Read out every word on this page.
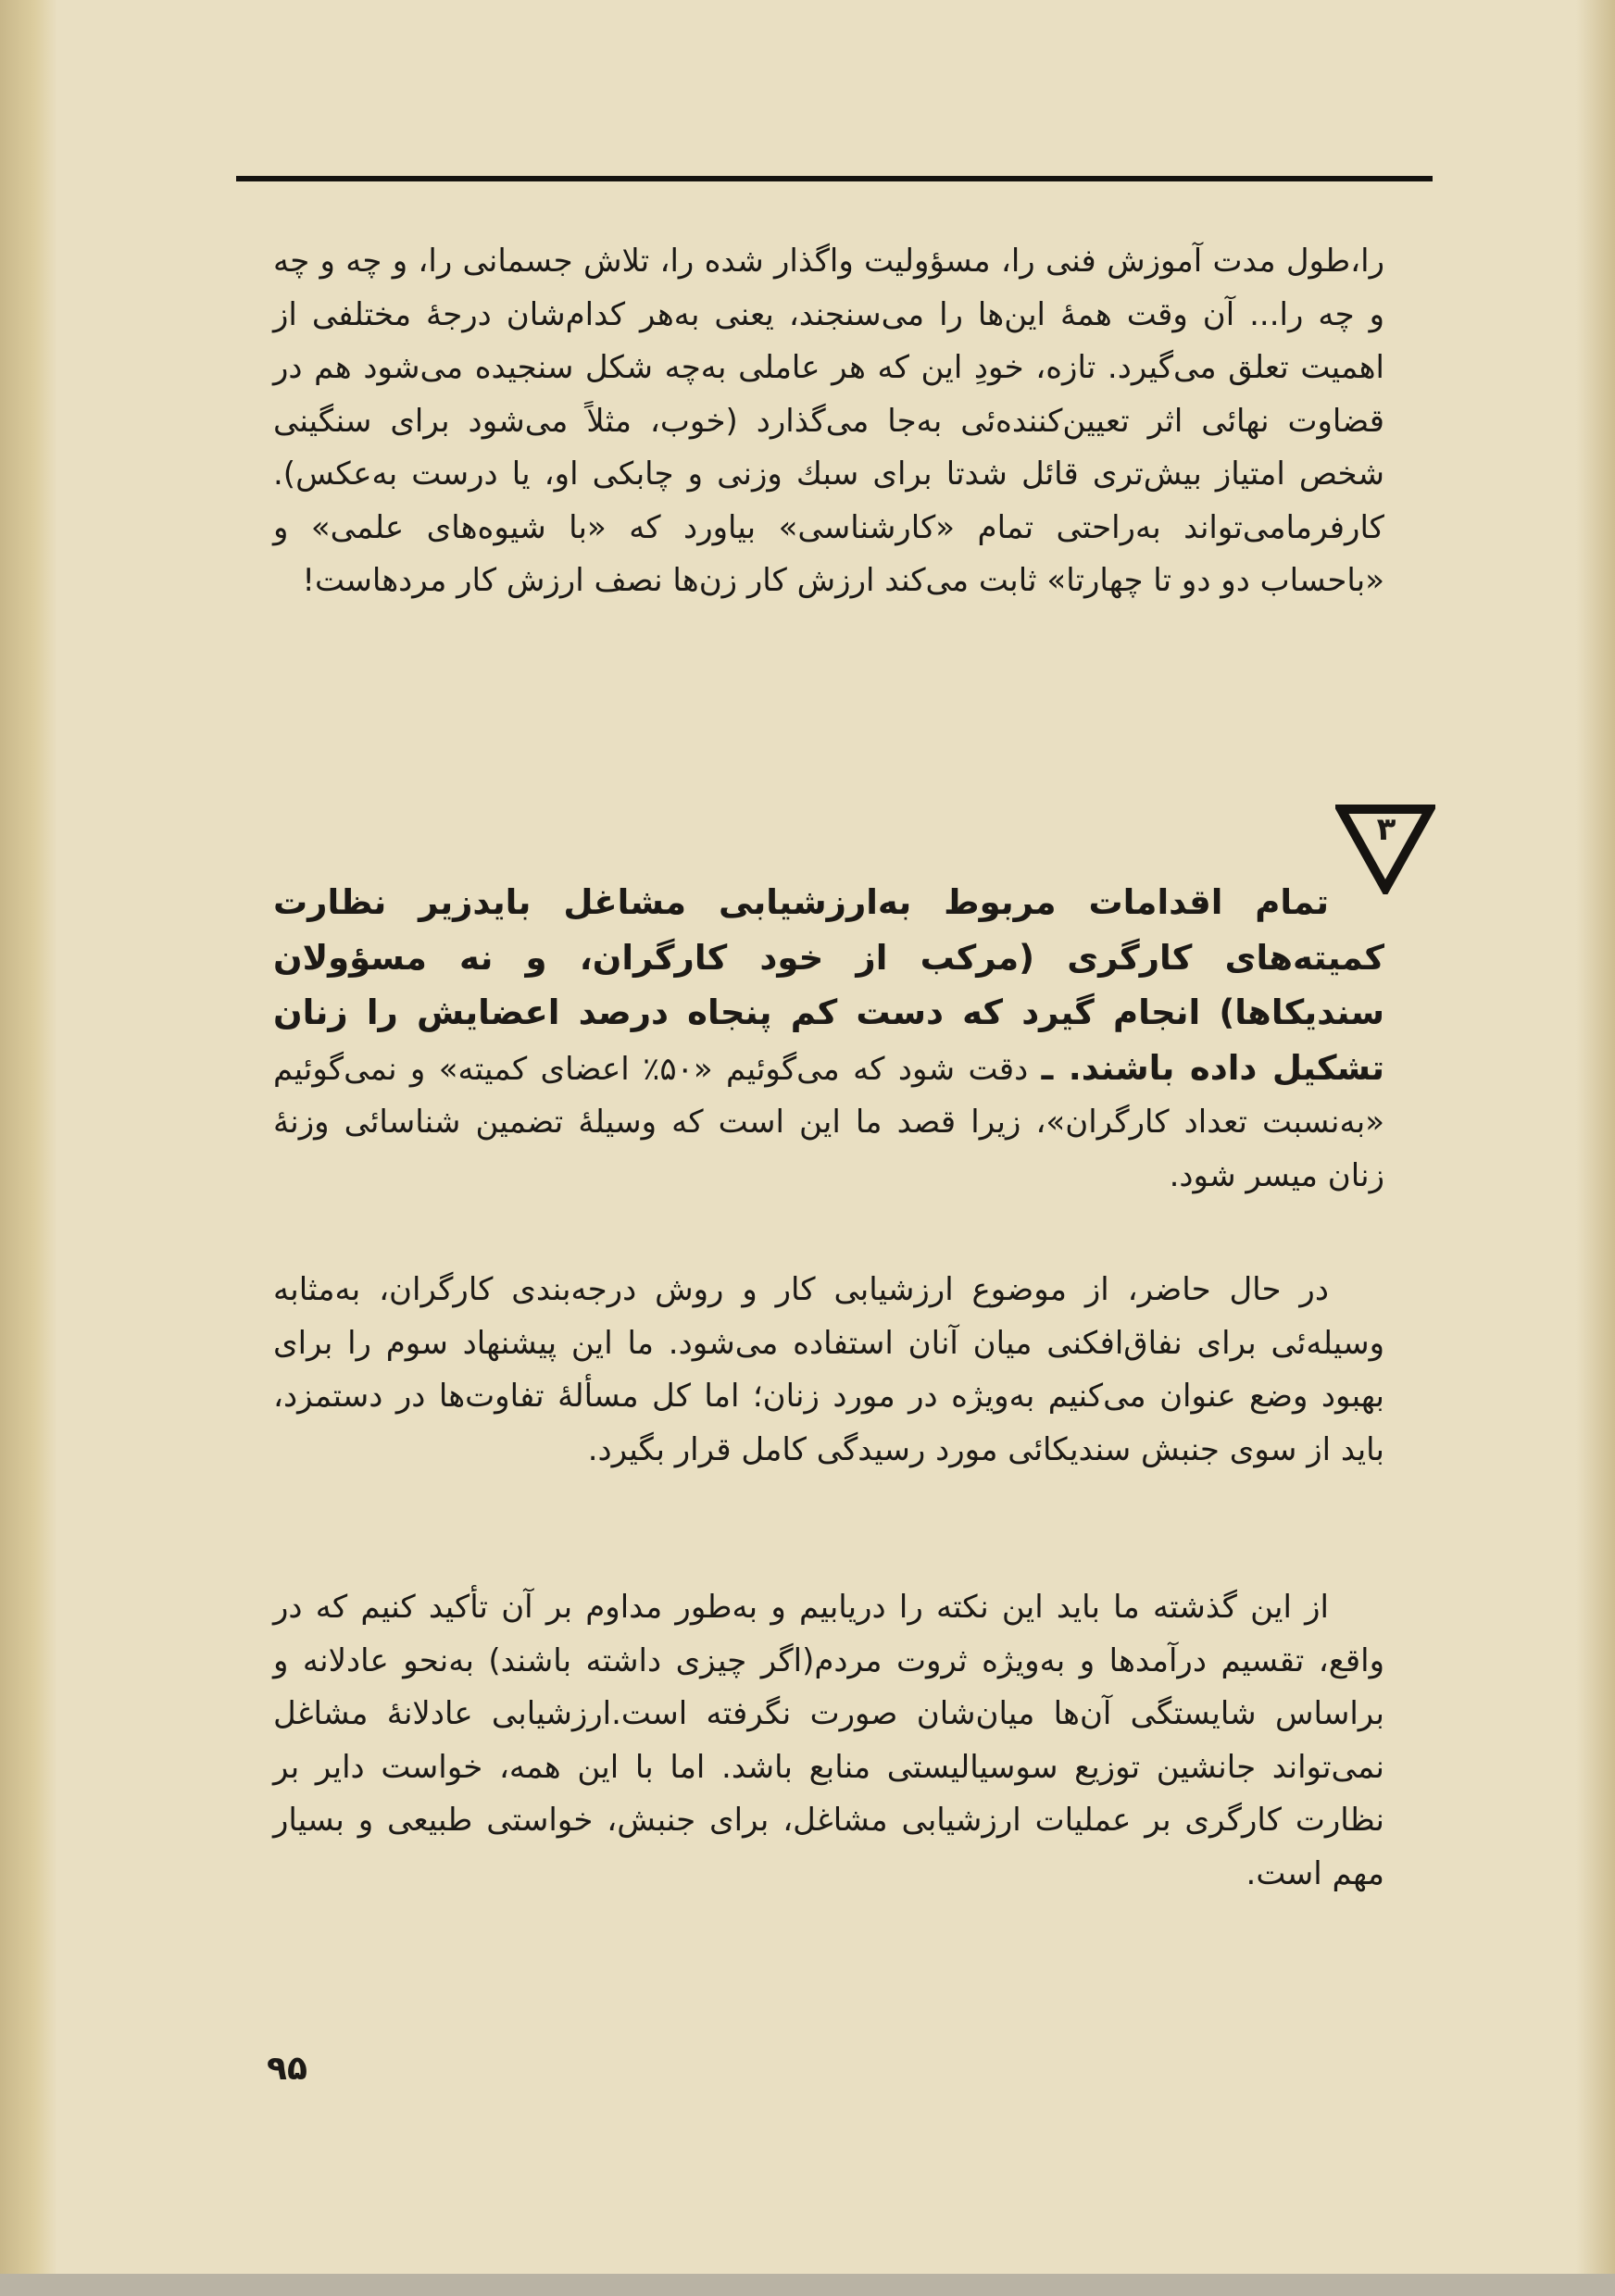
را،طول مدت آموزش فنی را، مسؤولیت واگذار شده را، تلاش جسمانی را، و چه و چه و چه را... آن وقت همهٔ این‌ها را می‌سنجند، یعنی به‌هر کدام‌شان درجهٔ مختلفی از اهمیت تعلق می‌گیرد. تازه، خودِ این که هر عاملی به‌چه شکل سنجیده می‌شود هم در قضاوت نهائی اثر تعیین‌کننده‌ئی به‌جا می‌گذارد (خوب، مثلاً می‌شود برای سنگینی شخص امتیاز بیش‌تری قائل شدتا برای سبك وزنی و چابکی او، یا درست به‌عکس). کارفرمامی‌تواند به‌راحتی تمام «کارشناسی» بیاورد که «با شیوه‌های علمی» و «باحساب دو دو تا چهارتا» ثابت می‌کند ارزش کار زن‌ها نصف ارزش کار مردهاست!

۳

تمام اقدامات مربوط به‌ارزشیابی مشاغل بایدزیر نظارت کمیته‌های کارگری (مرکب از خود کارگران، و نه مسؤولان سندیکاها) انجام گیرد که دست کم پنجاه درصد اعضایش را زنان تشکیل داده باشند. ـ دقت شود که می‌گوئیم «۵۰٪ اعضای کمیته» و نمی‌گوئیم «به‌نسبت تعداد کارگران»، زیرا قصد ما این است که وسیلهٔ تضمین شناسائی وزنهٔ زنان میسر شود.

در حال حاضر، از موضوع ارزشیابی کار و روش درجه‌بندی کارگران، به‌مثابه وسیله‌ئی برای نفاق‌افکنی میان آنان استفاده می‌شود. ما این پیشنهاد سوم را برای بهبود وضع عنوان می‌کنیم به‌ویژه در مورد زنان؛ اما کل مسألهٔ تفاوت‌ها در دستمزد، باید از سوی جنبش سندیکائی مورد رسیدگی کامل قرار بگیرد.

از این گذشته ما باید این نکته را دریابیم و به‌طور مداوم بر آن تأکید کنیم که در واقع، تقسیم درآمدها و به‌ویژه ثروت مردم(اگر چیزی داشته باشند) به‌نحو عادلانه و براساس شایستگی آن‌ها میان‌شان صورت نگرفته است.ارزشیابی عادلانهٔ مشاغل نمی‌تواند جانشین توزیع سوسیالیستی منابع باشد. اما با این همه، خواست دایر بر نظارت کارگری بر عملیات ارزشیابی مشاغل، برای جنبش، خواستی طبیعی و بسیار مهم است.

۹۵
